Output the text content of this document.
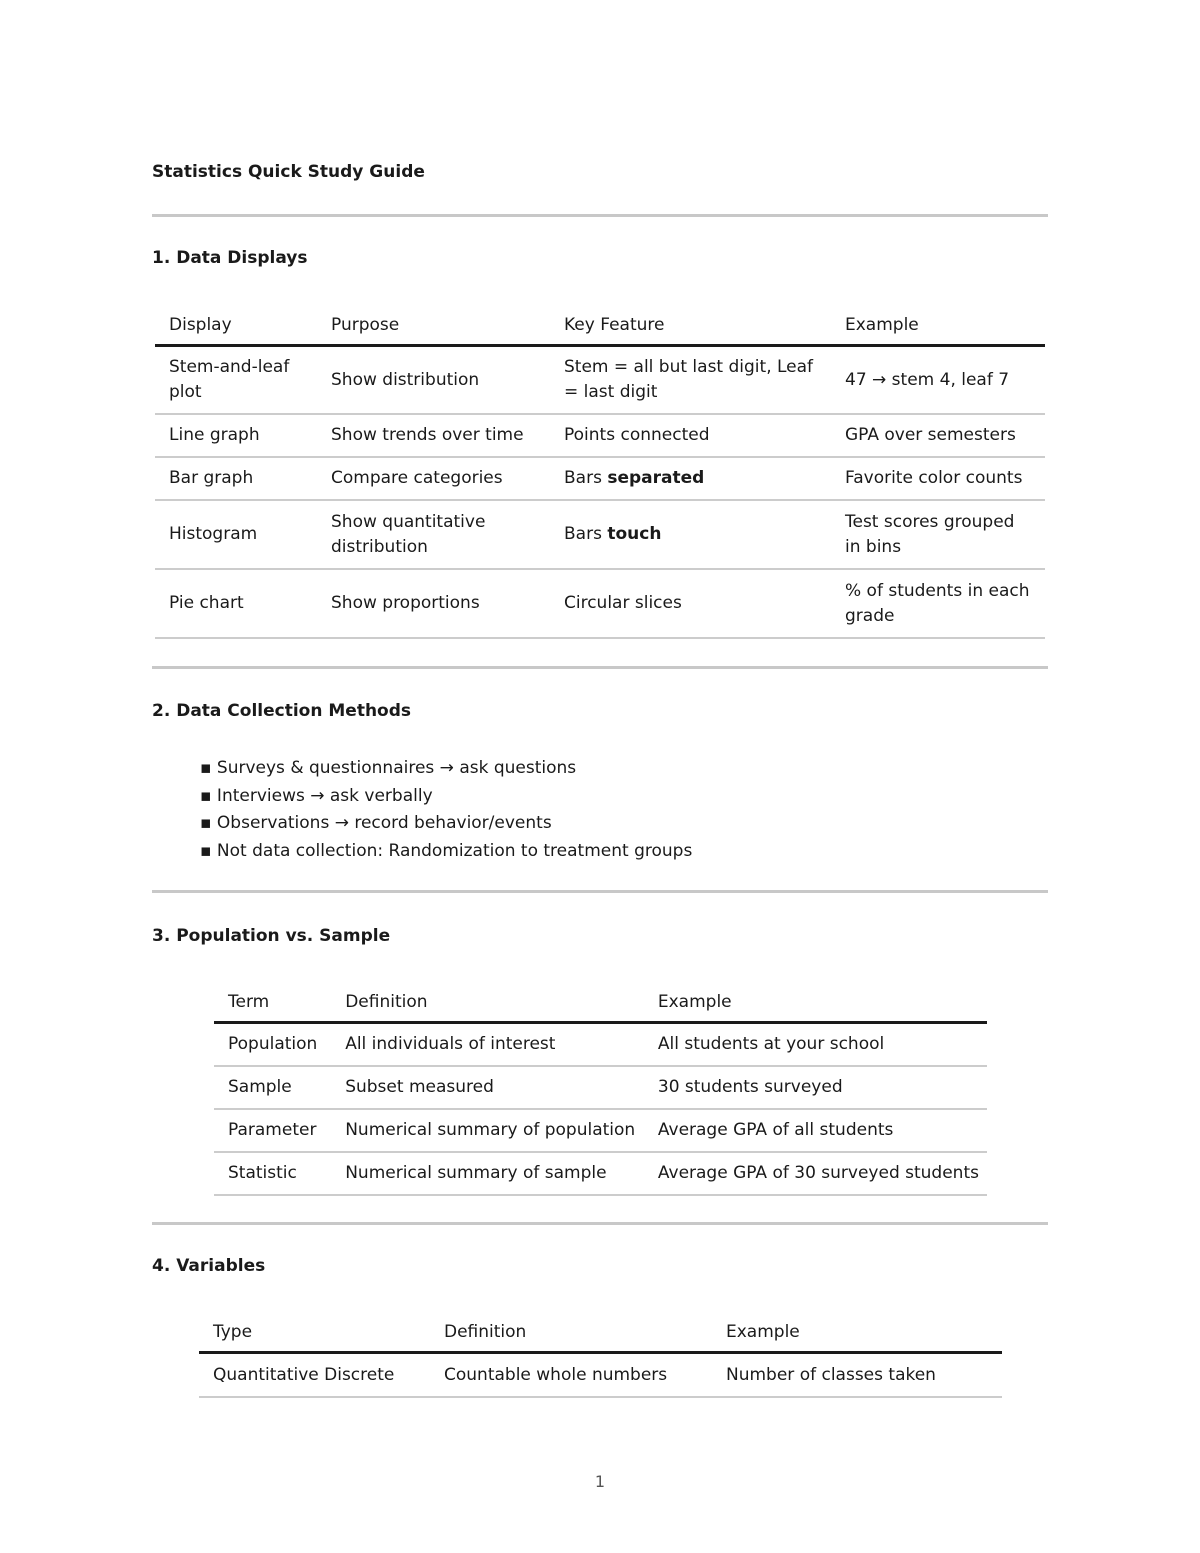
Statistics Quick Study Guide
1. Data Displays
Display	Purpose	Key Feature	Example
Stem-and-leaf plot	Show distribution	Stem = all but last digit, Leaf = last digit	47 → stem 4, leaf 7
Line graph	Show trends over time	Points connected	GPA over semesters
Bar graph	Compare categories	Bars separated	Favorite color counts
Histogram	Show quantitative distribution	Bars touch	Test scores grouped in bins
Pie chart	Show proportions	Circular slices	% of students in each grade
2. Data Collection Methods
▪ Surveys & questionnaires → ask questions
▪ Interviews → ask verbally
▪ Observations → record behavior/events
▪ Not data collection: Randomization to treatment groups
3. Population vs. Sample
Term	Definition	Example
Population	All individuals of interest	All students at your school
Sample	Subset measured	30 students surveyed
Parameter	Numerical summary of population	Average GPA of all students
Statistic	Numerical summary of sample	Average GPA of 30 surveyed students
4. Variables
Type	Definition	Example
Quantitative Discrete	Countable whole numbers	Number of classes taken
1
